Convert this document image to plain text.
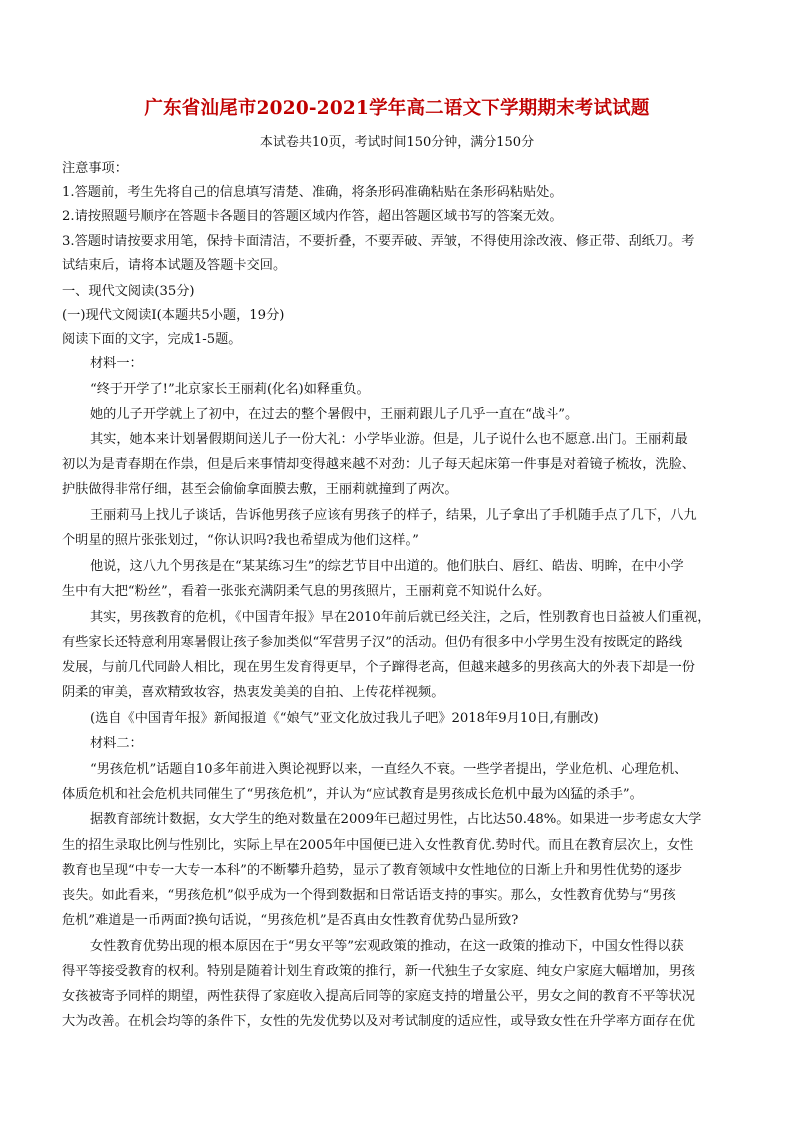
广东省汕尾市2020-2021学年高二语文下学期期末考试试题
本试卷共10页，考试时间150分钟，满分150分
注意事项：
1.答题前，考生先将自己的信息填写清楚、准确，将条形码准确粘贴在条形码粘贴处。
2.请按照题号顺序在答题卡各题目的答题区域内作答，超出答题区域书写的答案无效。
3.答题时请按要求用笔，保持卡面清洁，不要折叠，不要弄破、弄皱，不得使用涂改液、修正带、刮纸刀。考
试结束后，请将本试题及答题卡交回。
一、现代文阅读(35分)
(一)现代文阅读Ⅰ(本题共5小题，19分)
阅读下面的文字，完成1-5题。
材料一：
“终于开学了!”北京家长王丽莉(化名)如释重负。
她的儿子开学就上了初中，在过去的整个暑假中，王丽莉跟儿子几乎一直在“战斗”。
其实，她本来计划暑假期间送儿子一份大礼：小学毕业游。但是，儿子说什么也不愿意.出门。王丽莉最
初以为是青春期在作祟，但是后来事情却变得越来越不对劲：儿子每天起床第一件事是对着镜子梳妆，洗脸、
护肤做得非常仔细，甚至会偷偷拿面膜去敷，王丽莉就撞到了两次。
王丽莉马上找儿子谈话，告诉他男孩子应该有男孩子的样子，结果，儿子拿出了手机随手点了几下，八九
个明星的照片张张划过，“你认识吗?我也希望成为他们这样。”
他说，这八九个男孩是在“某某练习生”的综艺节目中出道的。他们肤白、唇红、皓齿、明眸，在中小学
生中有大把“粉丝”，看着一张张充满阴柔气息的男孩照片，王丽莉竟不知说什么好。
其实，男孩教育的危机，《中国青年报》早在2010年前后就已经关注，之后，性别教育也日益被人们重视，
有些家长还特意利用寒暑假让孩子参加类似“军营男子汉”的活动。但仍有很多中小学男生没有按既定的路线
发展，与前几代同龄人相比，现在男生发育得更早，个子蹿得老高，但越来越多的男孩高大的外表下却是一份
阴柔的审美，喜欢精致妆容，热衷发美美的自拍、上传花样视频。
(选自《中国青年报》新闻报道《“娘气”亚文化放过我儿子吧》2018年9月10日,有删改)
材料二：
“男孩危机”话题自10多年前进入舆论视野以来，一直经久不衰。一些学者提出，学业危机、心理危机、
体质危机和社会危机共同催生了“男孩危机”，并认为“应试教育是男孩成长危机中最为凶猛的杀手”。
据教育部统计数据，女大学生的绝对数量在2009年已超过男性，占比达50.48%。如果进一步考虑女大学
生的招生录取比例与性别比，实际上早在2005年中国便已进入女性教育优.势时代。而且在教育层次上，女性
教育也呈现“中专一大专一本科”的不断攀升趋势，显示了教育领域中女性地位的日渐上升和男性优势的逐步
丧失。如此看来，“男孩危机”似乎成为一个得到数据和日常话语支持的事实。那么，女性教育优势与“男孩
危机”难道是一币两面?换句话说，“男孩危机”是否真由女性教育优势凸显所致?
女性教育优势出现的根本原因在于“男女平等”宏观政策的推动，在这一政策的推动下，中国女性得以获
得平等接受教育的权利。特别是随着计划生育政策的推行，新一代独生子女家庭、纯女户家庭大幅增加，男孩
女孩被寄予同样的期望，两性获得了家庭收入提高后同等的家庭支持的增量公平，男女之间的教育不平等状况
大为改善。在机会均等的条件下，女性的先发优势以及对考试制度的适应性，或导致女性在升学率方面存在优
